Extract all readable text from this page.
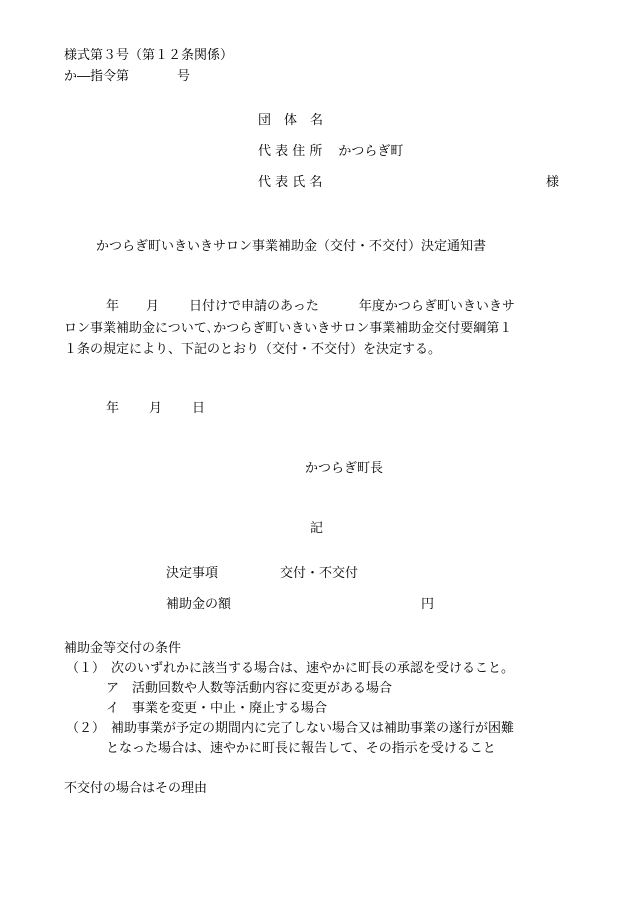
様式第３号（第１２条関係）
か―指令第	号
団　体　名
代 表 住 所 かつらぎ町
代 表 氏 名	様
かつらぎ町いきいきサロン事業補助金（交付・不交付）決定通知書
年 月 日付けで申請のあった	年度かつらぎ町いきいきサ
ロン事業補助金について､かつらぎ町いきいきサロン事業補助金交付要綱第１
１条の規定により、下記のとおり（交付・不交付）を決定する。
年 月 日
かつらぎ町長
記
決定事項	交付・不交付
補助金の額	円
補助金等交付の条件
（１） 次のいずれかに該当する場合は、速やかに町長の承認を受けること。
ア　活動回数や人数等活動内容に変更がある場合
イ　事業を変更・中止・廃止する場合
（２） 補助事業が予定の期間内に完了しない場合又は補助事業の遂行が困難
となった場合は、速やかに町長に報告して、その指示を受けること
不交付の場合はその理由
